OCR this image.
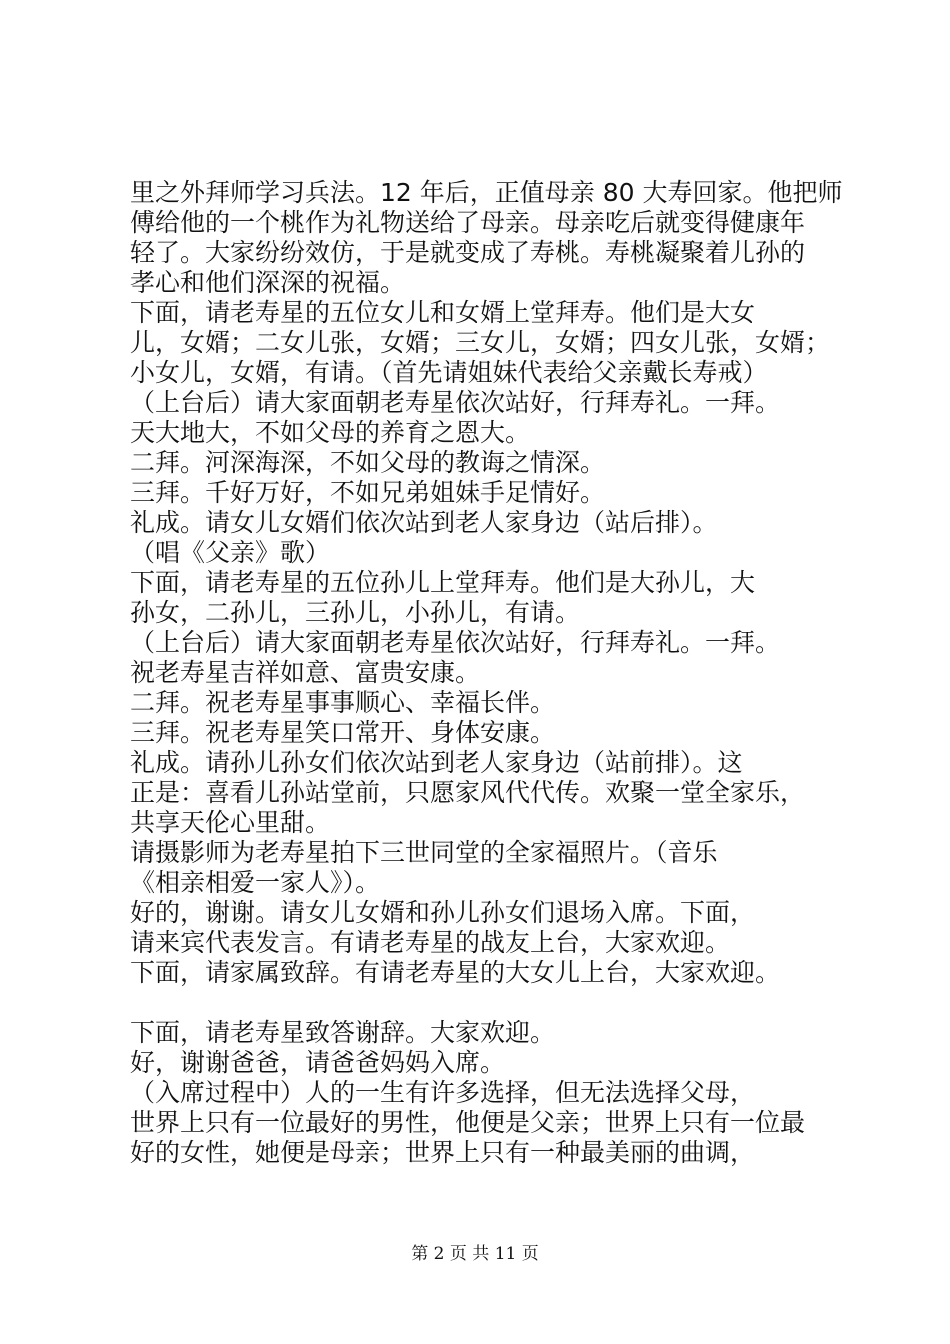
里之外拜师学习兵法。12 年后，正值母亲 80 大寿回家。他把师
傅给他的一个桃作为礼物送给了母亲。母亲吃后就变得健康年
轻了。大家纷纷效仿，于是就变成了寿桃。寿桃凝聚着儿孙的
孝心和他们深深的祝福。
下面，请老寿星的五位女儿和女婿上堂拜寿。他们是大女
儿，女婿；二女儿张，女婿；三女儿，女婿；四女儿张，女婿；
小女儿，女婿，有请。（首先请姐妹代表给父亲戴长寿戒）
（上台后）请大家面朝老寿星依次站好，行拜寿礼。一拜。
天大地大，不如父母的养育之恩大。
二拜。河深海深，不如父母的教诲之情深。
三拜。千好万好，不如兄弟姐妹手足情好。
礼成。请女儿女婿们依次站到老人家身边（站后排）。
（唱《父亲》歌）
下面，请老寿星的五位孙儿上堂拜寿。他们是大孙儿，大
孙女，二孙儿，三孙儿，小孙儿，有请。
（上台后）请大家面朝老寿星依次站好，行拜寿礼。一拜。
祝老寿星吉祥如意、富贵安康。
二拜。祝老寿星事事顺心、幸福长伴。
三拜。祝老寿星笑口常开、身体安康。
礼成。请孙儿孙女们依次站到老人家身边（站前排）。这
正是：喜看儿孙站堂前，只愿家风代代传。欢聚一堂全家乐，
共享天伦心里甜。
请摄影师为老寿星拍下三世同堂的全家福照片。（音乐
《相亲相爱一家人》）。
好的，谢谢。请女儿女婿和孙儿孙女们退场入席。下面，
请来宾代表发言。有请老寿星的战友上台，大家欢迎。
下面，请家属致辞。有请老寿星的大女儿上台，大家欢迎。
下面，请老寿星致答谢辞。大家欢迎。
好，谢谢爸爸，请爸爸妈妈入席。
（入席过程中）人的一生有许多选择，但无法选择父母，
世界上只有一位最好的男性，他便是父亲；世界上只有一位最
好的女性，她便是母亲；世界上只有一种最美丽的曲调，
第 2 页 共 11 页
